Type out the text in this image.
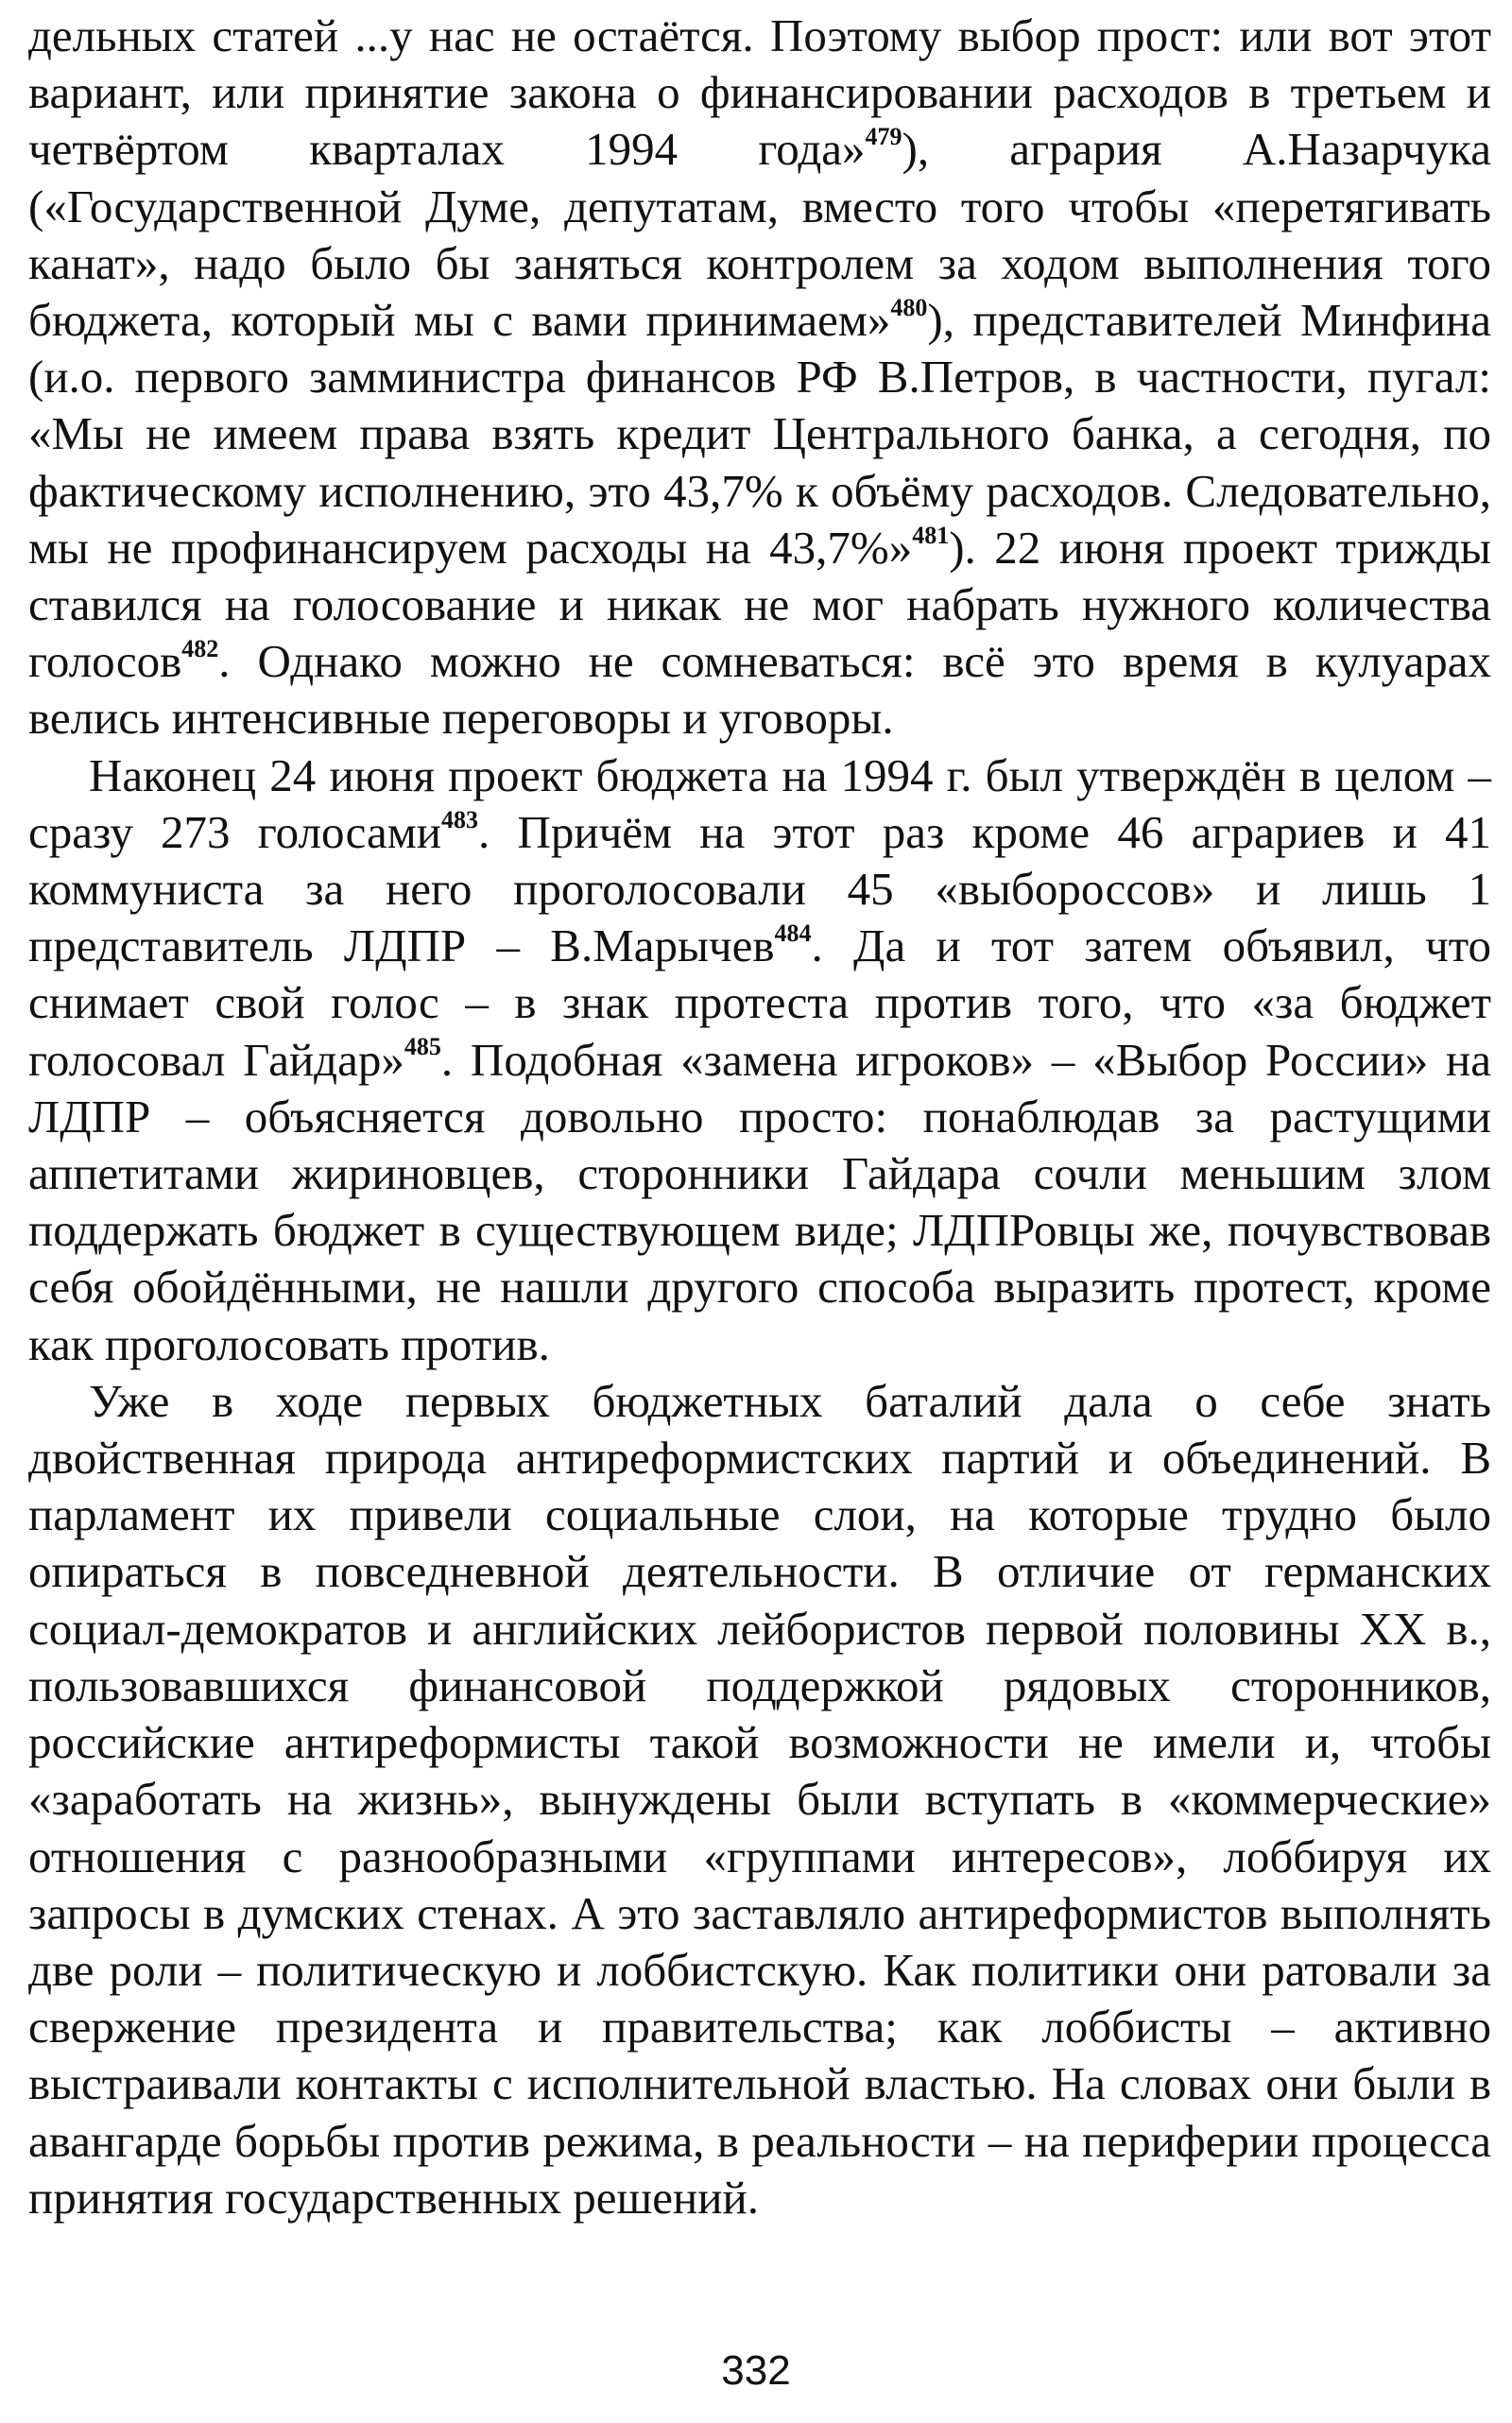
дельных статей ...у нас не остаётся. Поэтому выбор прост: или вот этот вариант, или принятие закона о финансировании расходов в третьем и четвёртом кварталах 1994 года»$^{479}$), агрария А.Назарчука («Государственной Думе, депутатам, вместо того чтобы «перетягивать канат», надо было бы заняться контролем за ходом выполнения того бюджета, который мы с вами принимаем»$^{480}$), представителей Минфина (и.о. первого замминистра финансов РФ В.Петров, в частности, пугал: «Мы не имеем права взять кредит Центрального банка, а сегодня, по фактическому исполнению, это 43,7% к объёму расходов. Следовательно, мы не профинансируем расходы на 43,7%»$^{481}$). 22 июня проект трижды ставился на голосование и никак не мог набрать нужного количества голосов$^{482}$. Однако можно не сомневаться: всё это время в кулуарах велись интенсивные переговоры и уговоры.

Наконец 24 июня проект бюджета на 1994 г. был утверждён в целом – сразу 273 голосами$^{483}$. Причём на этот раз кроме 46 аграриев и 41 коммуниста за него проголосовали 45 «выбороссов» и лишь 1 представитель ЛДПР – В.Марычев$^{484}$. Да и тот затем объявил, что снимает свой голос – в знак протеста против того, что «за бюджет голосовал Гайдар»$^{485}$. Подобная «замена игроков» – «Выбор России» на ЛДПР – объясняется довольно просто: понаблюдав за растущими аппетитами жириновцев, сторонники Гайдара сочли меньшим злом поддержать бюджет в существующем виде; ЛДПРовцы же, почувствовав себя обойдёнными, не нашли другого способа выразить протест, кроме как проголосовать против.

Уже в ходе первых бюджетных баталий дала о себе знать двойственная природа антиреформистских партий и объединений. В парламент их привели социальные слои, на которые трудно было опираться в повседневной деятельности. В отличие от германских социал-демократов и английских лейбористов первой половины XX в., пользовавшихся финансовой поддержкой рядовых сторонников, российские антиреформисты такой возможности не имели и, чтобы «заработать на жизнь», вынуждены были вступать в «коммерческие» отношения с разнообразными «группами интересов», лоббируя их запросы в думских стенах. А это заставляло антиреформистов выполнять две роли – политическую и лоббистскую. Как политики они ратовали за свержение президента и правительства; как лоббисты – активно выстраивали контакты с исполнительной властью. На словах они были в авангарде борьбы против режима, в реальности – на периферии процесса принятия государственных решений.

332
